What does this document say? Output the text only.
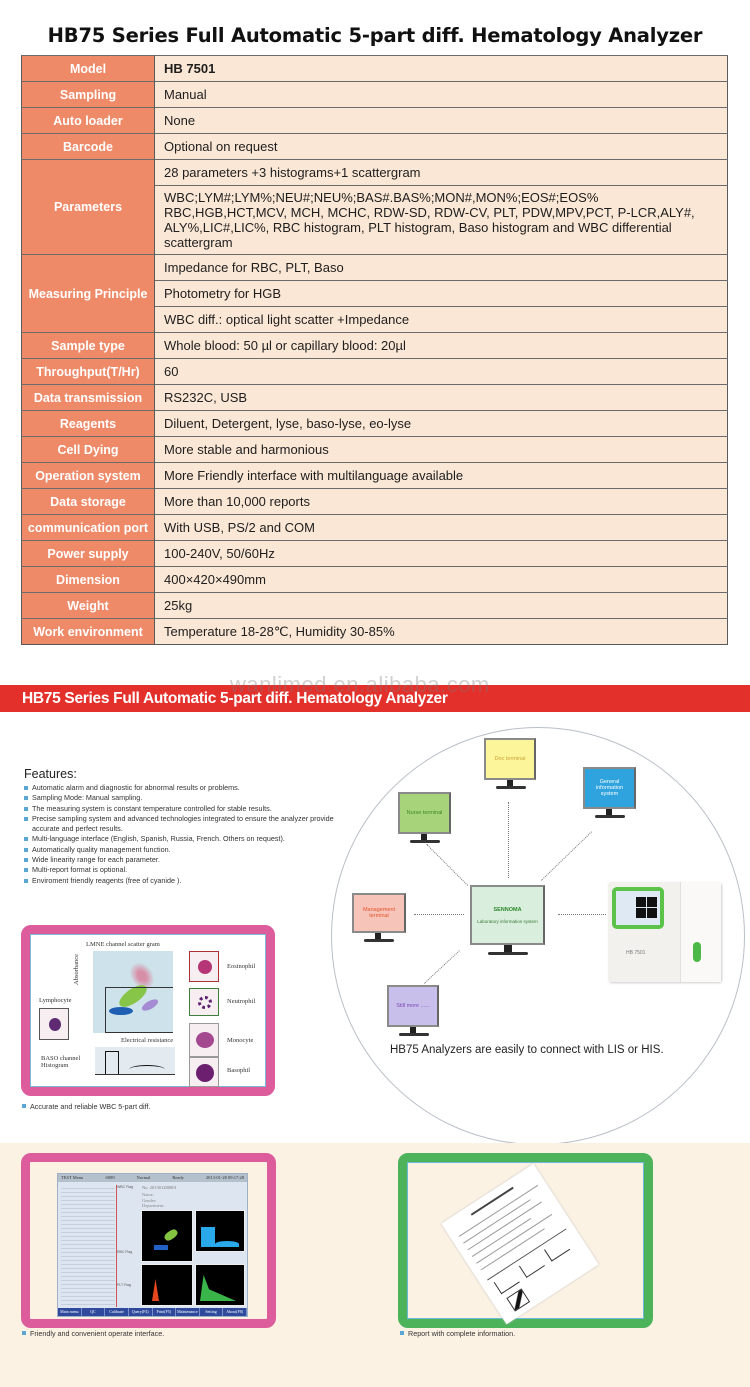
HB75 Series Full Automatic 5-part diff. Hematology Analyzer
Model	HB 7501
Sampling	Manual
Auto loader	None
Barcode	Optional on request
Parameters	28 parameters +3 histograms+1 scattergram
	WBC;LYM#;LYM%;NEU#;NEU%;BAS#.BAS%;MON#,MON%;EOS#;EOS% RBC,HGB,HCT,MCV, MCH, MCHC, RDW-SD, RDW-CV, PLT, PDW,MPV,PCT, P-LCR,ALY#, ALY%,LIC#,LIC%, RBC histogram, PLT histogram, Baso histogram and WBC differential scattergram
Measuring Principle	Impedance for RBC, PLT, Baso
	Photometry for HGB
	WBC diff.: optical light scatter +Impedance
Sample type	Whole blood: 50 µl or capillary blood: 20µl
Throughput(T/Hr)	60
Data transmission	RS232C, USB
Reagents	Diluent, Detergent, lyse, baso-lyse, eo-lyse
Cell Dying	More stable and harmonious
Operation system	More Friendly interface with multilanguage available
Data storage	More than 10,000 reports
communication port	With USB, PS/2 and COM
Power supply	100-240V, 50/60Hz
Dimension	400×420×490mm
Weight	25kg
Work environment	Temperature 18-28℃, Humidity 30-85%
HB75 Series Full Automatic 5-part diff. Hematology Analyzer
wanlimed.en.alibaba.com
Features:
Automatic alarm and diagnostic for abnormal results or problems.
Sampling Mode: Manual sampling.
The measuring system is constant temperature controlled for stable results.
Precise sampling system and advanced technologies integrated to ensure the analyzer provide accurate and perfect results.
Multi-language interface (English, Spanish, Russia, French. Others on request).
Automatically quality management function.
Wide linearity range for each parameter.
Multi-report format is optional.
Enviroment friendly reagents (free of cyanide ).
Doc terminal
General information system
Nurse terminal
Management terminal
SENNOMA
Laboratory information system
Still more ......
HB 7501
HB75 Analyzers are easily to connect with LIS or HIS.
LMNE channel scatter gram
Absorbance
Electrical resistance
BASO channel Histogram
Lymphocyte
Eosinophil
Neutrophil
Monocyte
Basophil
Accurate and reliable WBC 5-part diff.
TEST Menu	S089	Normal	Ready	2013-01-28 09:17:28
WBC Flag
RBC Flag
PLT Flag
No. 201301280001
Name:
Gender:
Department:
Main menu	QC	Calibrate	Query(F4)	Print(F5)	Maintenance	Setting	About(F8)
Friendly and convenient operate interface.	Report with complete information.
